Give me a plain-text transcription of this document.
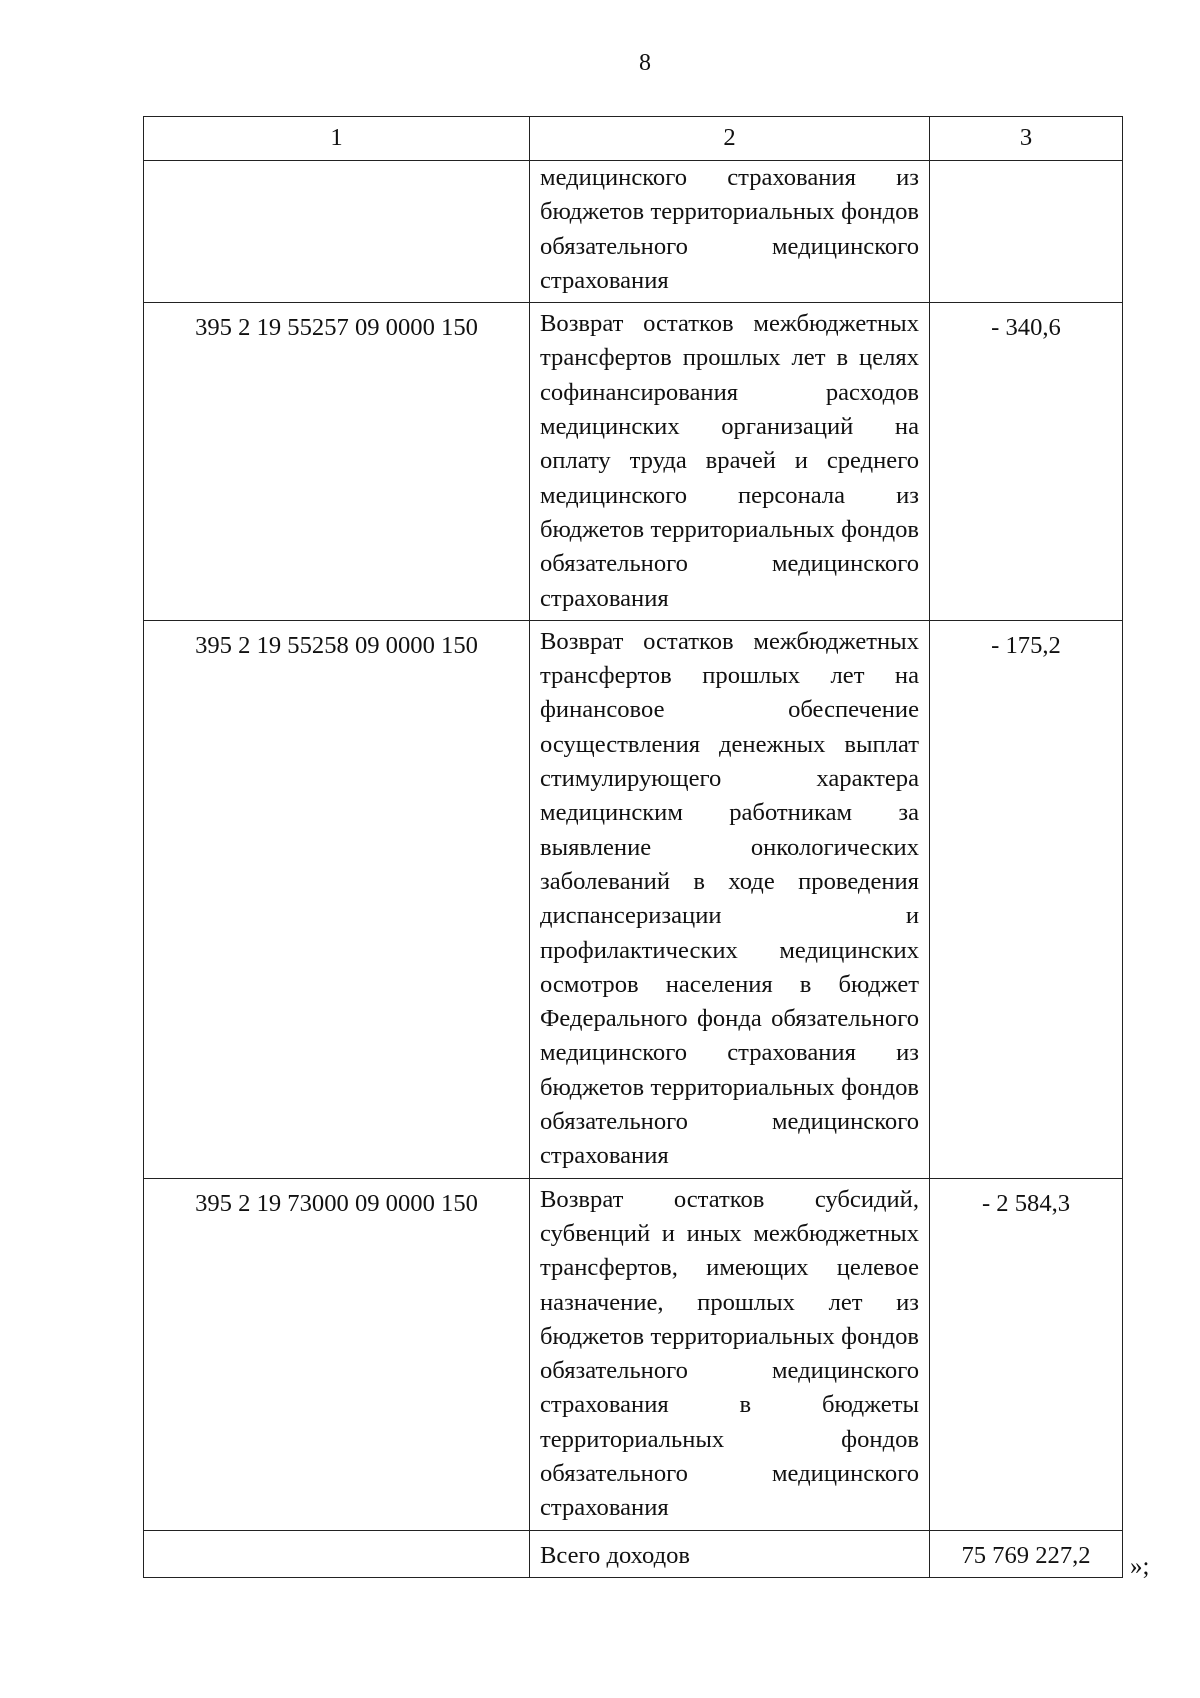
8
1	2	3
	медицинского страхования из бюджетов территориальных фондов обязательного медицинского страхования	
395 2 19 55257 09 0000 150	Возврат остатков межбюджетных трансфертов прошлых лет в целях софинансирования расходов медицинских организаций на оплату труда врачей и среднего медицинского персонала из бюджетов территориальных фондов обязательного медицинского страхования	- 340,6
395 2 19 55258 09 0000 150	Возврат остатков межбюджетных трансфертов прошлых лет на финансовое обеспечение осуществления денежных выплат стимулирующего характера медицинским работникам за выявление онкологических заболеваний в ходе проведения диспансеризации и профилактических медицинских осмотров населения в бюджет Федерального фонда обязательного медицинского страхования из бюджетов территориальных фондов обязательного медицинского страхования	- 175,2
395 2 19 73000 09 0000 150	Возврат остатков субсидий, субвенций и иных межбюджетных трансфертов, имеющих целевое назначение, прошлых лет из бюджетов территориальных фондов обязательного медицинского страхования в бюджеты территориальных фондов обязательного медицинского страхования	- 2 584,3
	Всего доходов	75 769 227,2 »;
